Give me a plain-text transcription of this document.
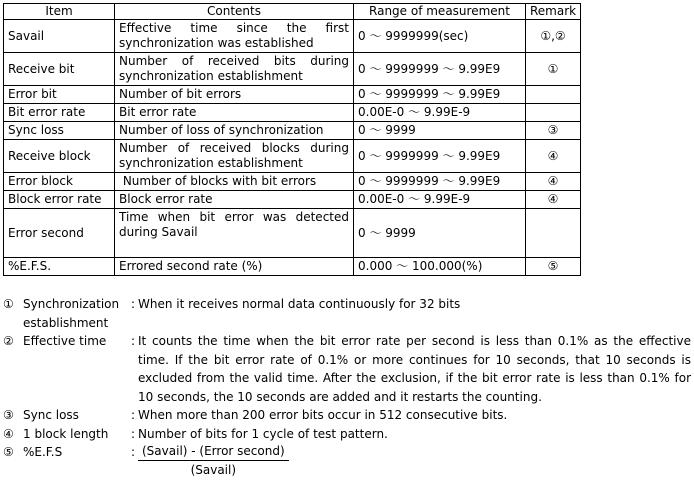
Item	Contents	Range of measurement	Remark
Savail	Effective time since the first synchronization was established	0 ～ 9999999(sec)	①,②
Receive bit	Number of received bits during synchronization establishment	0 ～ 9999999 ～ 9.99E9	①
Error bit	Number of bit errors	0 ～ 9999999 ～ 9.99E9	
Bit error rate	Bit error rate	0.00E-0 ～ 9.99E-9	
Sync loss	Number of loss of synchronization	0 ～ 9999	③
Receive block	Number of received blocks during synchronization establishment	0 ～ 9999999 ～ 9.99E9	④
Error block	Number of blocks with bit errors	0 ～ 9999999 ～ 9.99E9	④
Block error rate	Block error rate	0.00E-0 ～ 9.99E-9	④
Error second	Time when bit error was detected during Savail	0 ～ 9999	
%E.F.S.	Errored second rate (%)	0.000 ～ 100.000(%)	⑤
① Synchronization : When it receives normal data continuously for 32 bits
establishment
② Effective time : It counts the time when the bit error rate per second is less than 0.1% as the effective time. If the bit error rate of 0.1% or more continues for 10 seconds, that 10 seconds is excluded from the valid time. After the exclusion, if the bit error rate is less than 0.1% for 10 seconds, the 10 seconds are added and it restarts the counting.
③ Sync loss	: When more than 200 error bits occur in 512 consecutive bits.
④ 1 block length : Number of bits for 1 cycle of test pattern.
⑤ %E.F.S	: $\frac{\text{(Savail) - (Error second)}}{\text{(Savail)}}$
